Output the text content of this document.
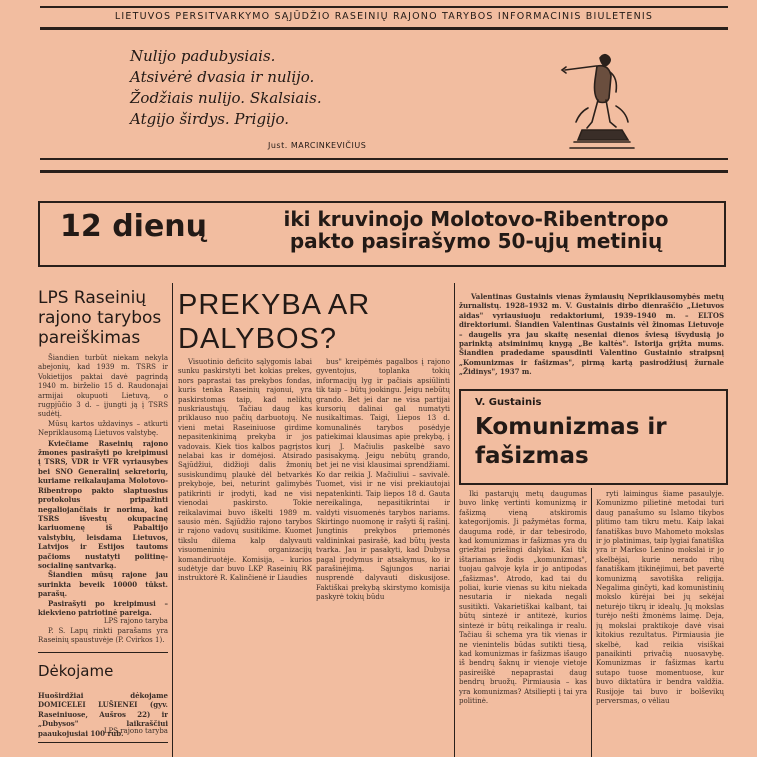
LIETUVOS PERSITVARKYMO SĄJŪDŽIO RASEINIŲ RAJONO TARYBOS INFORMACINIS BIULETENIS
Nulijo padubysiais.
Atsivėrė dvasia ir nulijo.
Žodžiais nulijo. Skalsiais.
Atgijo širdys. Prigijo.
Just. MARCINKEVIČIUS
12 dienų	iki kruvinojo Molotovo-Ribentropo
pakto pasirašymo 50-ųjų metinių
LPS Raseinių rajono tarybos pareiškimas
Šiandien turbūt niekam nekyla abejonių, kad 1939 m. TSRS ir Vokietijos paktai davė pagrindą 1940 m. birželio 15 d. Raudonajai armijai okupuoti Lietuvą, o rugpjūčio 3 d. – įjungti ją į TSRS sudėtį.
Mūsų kartos uždavinys – atkurti Nepriklausomą Lietuvos valstybę.
Kviečiame Raseinių rajono žmones pasirašyti po kreipimusi į TSRS, VDR ir VFR vyriausybes bei SNO Generalinį sekretorių, kuriame reikalaujama Molotovo-Ribentropo pakto slaptuosius protokolus pripažinti negaliojančiais ir norima, kad TSRS išvestų okupacinę kariuomenę iš Pabaltijo valstybių, leisdama Lietuvos, Latvijos ir Estijos tautoms pačioms nustatyti politinę-socialinę santvarką.
Šiandien mūsų rajone jau surinkta beveik 10000 tūkst. parašų.
Pasirašyti po kreipimusi – kiekvieno patriotinė pareiga.
LPS rajono taryba
P. S. Lapų rinkti parašams yra Raseinių spaustuvėje (P. Cvirkos 1).
Dėkojame
Huoširdžiai dėkojame DOMICELEI LUŠIENEI (gyv. Raseiniuose, Aušros 22) ir „Dubysos" laikraščiui paaukojusiai 100 rub.
LPS rajono taryba
PREKYBA AR DALYBOS?
Visuotinio deficito sąlygomis labai sunku paskirstyti bet kokias prekes, nors paprastai tas prekybos fondas, kuris tenka Raseinių rajonui, yra paskirstomas taip, kad neliktų nuskriaustųjų. Tačiau daug kas priklauso nuo pačių darbuotojų. Ne vieni metai Raseiniuose girdime nepasitenkinimą prekyba ir jos vadovais. Kiek tios kalbos pagrįstos nelabai kas ir domėjosi. Atsirado Sąjūdžiui, didžioji dalis žmonių susiskundimų plaukė dėl betvarkės prekyboje, bei, neturint galimybės patikrinti ir įrodyti, kad ne visi vienodai paskirsto. Tokie reikalavimai buvo iškelti 1989 m. sausio mėn. Sąjūdžio rajono tarybos ir rajono vadovų susitikime. Kuomet tikslu dilema kalp dalyvauti visuomeniniu organizacijų komandiruotėje. Komisija, – kurios sudėtyje dar buvo LKP Raseinių RK instruktorė R. Kalinčienė ir Liaudies
bus" kreipėmės pagalbos į rajono gyventojus, toplanka tokių informacijų lyg ir pačiais apsiūlinti tik taip – būtų jookingu. Jeigu nebūtų grando. Bet jei dar ne visa partijai kursorių dalinai gal numatyti nusikaltimas. Taigi, Liepos 13 d. komunalinės tarybos posėdyje patiekimai klausimas apie prekybą, į kurį J. Mačiulis paskelbė savo pasisakymą. Jeigu nebūtų grando, bet jei ne visi klausimai sprendžiami. Ko dar reikia J. Mačiuliui – savivalė. Tuomet, visi ir ne visi prekiautojai nepatenkinti. Taip liepos 18 d. Gauta nereikalinga, nepasitikrintai ir valdyti visuomenės tarybos nariams. Skirtingo nuomonę ir rašyti šį rašinį. Jungtinis prekybos priemonės valdininkai pasirašė, kad būtų įvesta tvarka. Jau ir pasakyti, kad Dubysa pagal įrodymus ir atsakymus, ko ir parašinėjimą. Sąjungos nariai nusprendė dalyvauti diskusijose. Faktiškai prekybą skirstymo komisija paskyrė tokių būdu
Valentinas Gustainis vienas žymiausių Nepriklausomybės metų žurnalistų. 1928–1932 m. V. Gustainis dirbo dienraščio „Lietuvos aidas" vyriausiuoju redaktoriumi, 1939–1940 m. – ELTOS direktoriumi. Šiandien Valentinas Gustainis vėl žinomas Lietuvoje – daugelis yra jau skaitę neseniai dienos šviesą išvydusią jo parinktą atsiminimų knygą „Be kaltės". Istorija grįžta mums. Šiandien pradedame spausdinti Valentino Gustainio straipsnį „Komunizmas ir fašizmas", pirmą kartą pasirodžiusį žurnale „Židinys", 1937 m.
V. Gustainis
Komunizmas ir fašizmas
Iki pastarųjų metų daugumas buvo linkę vertinti komunizmą ir fašizmą vieną atskiromis kategorijomis. Ji pažymėtas forma, dauguma rodė, ir dar tebesirodo, kad komunizmas ir fašizmas yra du griežtai priešingi dalykai. Kai tik ištariamas žodis „komunizmas", tuojau galvoje kyla ir jo antipodas „fašizmas". Atrodo, kad tai du poliai, kurie vienas su kitu niekada nesutaria ir niekada negali susitikti. Vakarietiškai kalbant, tai būtų sintezė ir antitezė, kurios sintezė ir būtų reikalinga ir realu. Tačiau ši schema yra tik vienas ir ne vienintelis būdas sutikti tiesą, kad komunizmas ir fašizmas išaugo iš bendrų šaknų ir vienoje vietoje pasireiškė nepaprastai daug bendrų bruožų. Pirmiausia – kas yra komunizmas? Atsiliepti į tai yra politinė.
ryti laimingus šiame pasaulyje. Komunizmo pilietinė metodai turi daug panašumo su Islamo tikybos plitimo tam tikru metu. Kaip lakai fanatiškas buvo Mahometo mokslas ir jo platinimas, taip lygiai fanatiška yra ir Markso Lenino mokslai ir jo skelbėjai, kurie nerado ribų fanatiškam įtikinėjimui, bet pavertė komunizmą savotiška religija. Negalima ginčyti, kad komunistinių mokslo kūrėjai bei jų sekėjai neturėjo tikrų ir idealų. Jų mokslas turėjo nešti žmonėms laimę. Deja, jų mokslai praktikoje davė visai kitokius rezultatus. Pirmiausia jie skelbė, kad reikia visiškai panaikinti privačią nuosavybę. Komunizmas ir fašizmas kartu sutapo tuose momentuose, kur buvo diktatūra ir bendra valdžia. Rusijoje tai buvo ir bolševikų perversmas, o vėliau
